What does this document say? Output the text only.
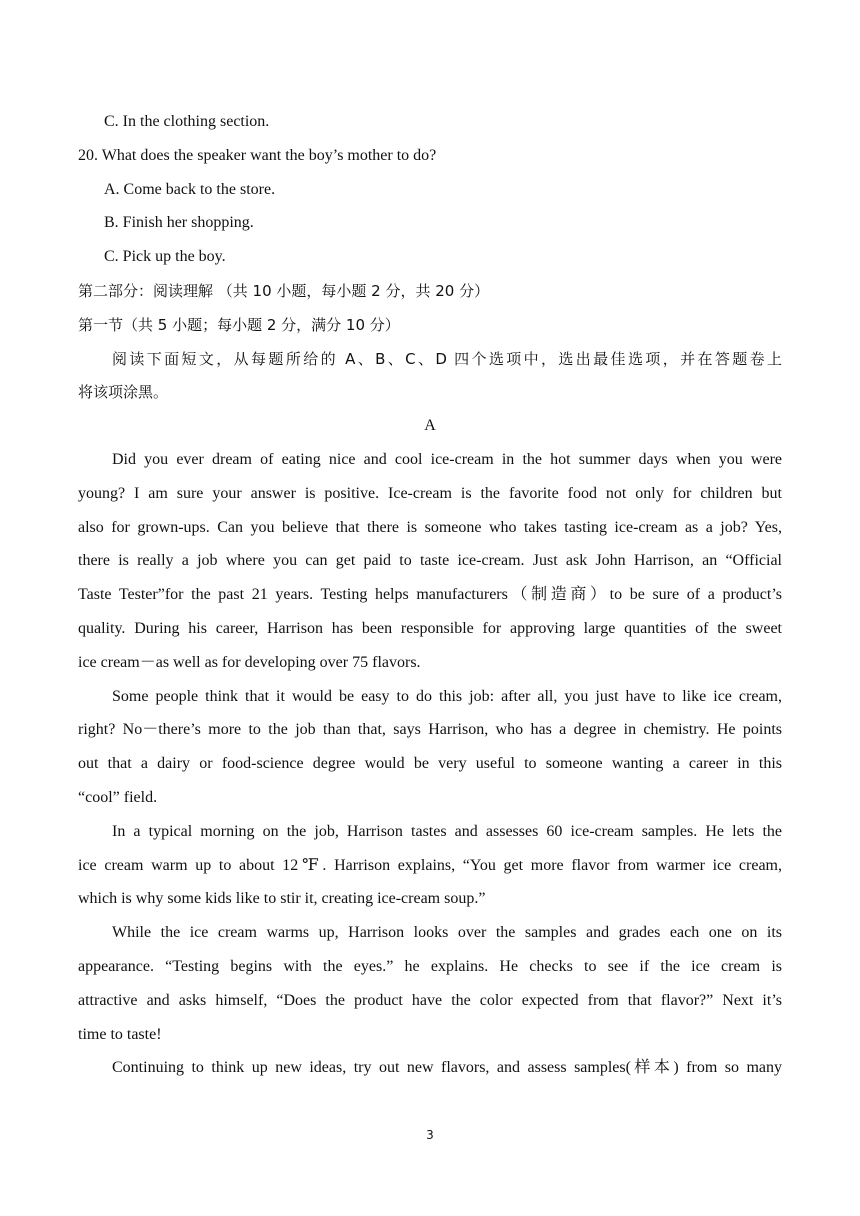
C. In the clothing section.
20. What does the speaker want the boy’s mother to do?
A. Come back to the store.
B. Finish her shopping.
C. Pick up the boy.
第二部分：阅读理解 （共 10 小题，每小题 2 分，共 20 分）
第一节（共 5 小题；每小题 2 分，满分 10 分）
阅读下面短文，从每题所给的 A、B、C、D 四个选项中，选出最佳选项，并在答题卷上
将该项涂黑。
A
Did you ever dream of eating nice and cool ice-cream in the hot summer days when you were
young? I am sure your answer is positive. Ice-cream is the favorite food not only for children but
also for grown-ups. Can you believe that there is someone who takes tasting ice-cream as a job? Yes,
there is really a job where you can get paid to taste ice-cream. Just ask John Harrison, an “Official
Taste Tester”for the past 21 years. Testing helps manufacturers（制造商）to be sure of a product’s
quality. During his career, Harrison has been responsible for approving large quantities of the sweet
ice cream－as well as for developing over 75 flavors.
Some people think that it would be easy to do this job: after all, you just have to like ice cream,
right? No－there’s more to the job than that, says Harrison, who has a degree in chemistry. He points
out that a dairy or food-science degree would be very useful to someone wanting a career in this
“cool” field.
In a typical morning on the job, Harrison tastes and assesses 60 ice-cream samples. He lets the
ice cream warm up to about 12℉. Harrison explains, “You get more flavor from warmer ice cream,
which is why some kids like to stir it, creating ice-cream soup.”
While the ice cream warms up, Harrison looks over the samples and grades each one on its
appearance. “Testing begins with the eyes.” he explains. He checks to see if the ice cream is
attractive and asks himself, “Does the product have the color expected from that flavor?” Next it’s
time to taste!
Continuing to think up new ideas, try out new flavors, and assess samples(样本) from so many
3
